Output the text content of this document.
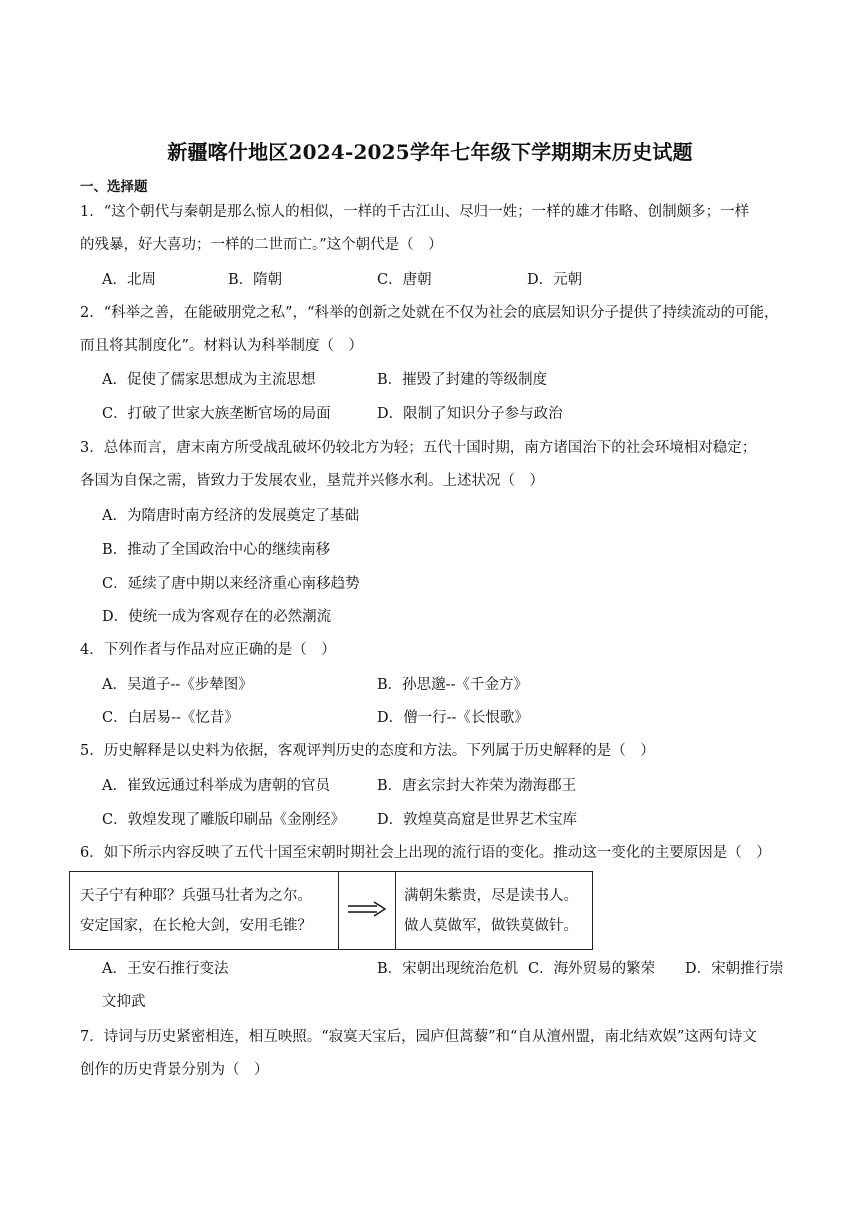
新疆喀什地区2024-2025学年七年级下学期期末历史试题
一、选择题
1．“这个朝代与秦朝是那么惊人的相似，一样的千古江山、尽归一姓；一样的雄才伟略、创制颇多；一样
的残暴，好大喜功；一样的二世而亡。”这个朝代是（　）
A．北周	B．隋朝	C．唐朝	D．元朝
2．“科举之善，在能破朋党之私”，“科举的创新之处就在不仅为社会的底层知识分子提供了持续流动的可能，
而且将其制度化”。材料认为科举制度（　）
A．促使了儒家思想成为主流思想	B．摧毁了封建的等级制度
C．打破了世家大族垄断官场的局面	D．限制了知识分子参与政治
3．总体而言，唐末南方所受战乱破坏仍较北方为轻；五代十国时期，南方诸国治下的社会环境相对稳定；
各国为自保之需，皆致力于发展农业，垦荒并兴修水利。上述状况（　）
A．为隋唐时南方经济的发展奠定了基础
B．推动了全国政治中心的继续南移
C．延续了唐中期以来经济重心南移趋势
D．使统一成为客观存在的必然潮流
4．下列作者与作品对应正确的是（　）
A．吴道子--《步辇图》	B．孙思邈--《千金方》
C．白居易--《忆昔》	D．僧一行--《长恨歌》
5．历史解释是以史料为依据，客观评判历史的态度和方法。下列属于历史解释的是（　）
A．崔致远通过科举成为唐朝的官员	B．唐玄宗封大祚荣为渤海郡王
C．敦煌发现了雕版印刷品《金刚经》 D．敦煌莫高窟是世界艺术宝库
6．如下所示内容反映了五代十国至宋朝时期社会上出现的流行语的变化。推动这一变化的主要原因是（　）
天子宁有种耶？兵强马壮者为之尔。
安定国家，在长枪大剑，安用毛锥？

满朝朱紫贵，尽是读书人。
做人莫做军，做铁莫做针。
A．王安石推行变法	B．宋朝出现统治危机 C．海外贸易的繁荣 D．宋朝推行崇
文抑武
7．诗词与历史紧密相连，相互映照。“寂寞天宝后，园庐但蒿藜”和“自从澶州盟，南北结欢娱”这两句诗文
创作的历史背景分别为（　）
